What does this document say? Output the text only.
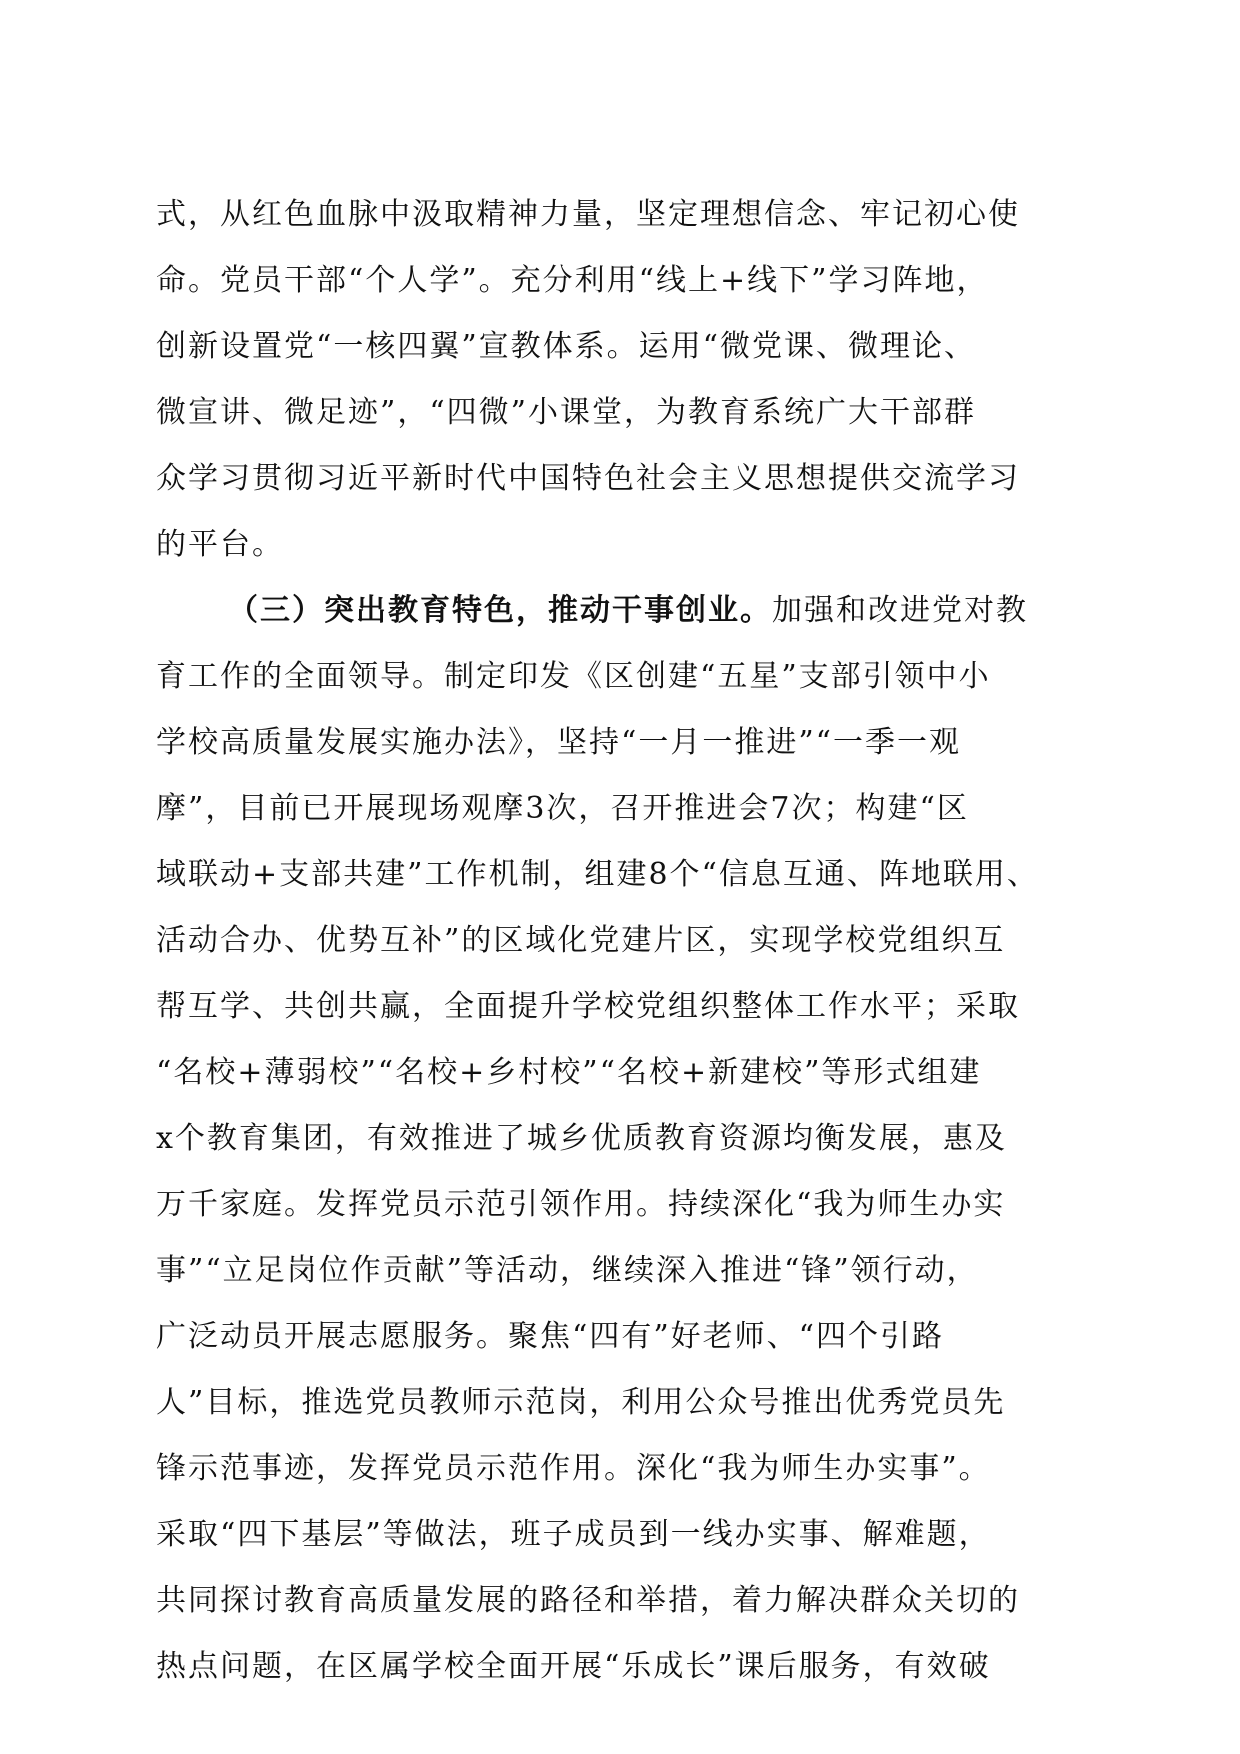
式，从红色血脉中汲取精神力量，坚定理想信念、牢记初心使
命。党员干部“个人学”。充分利用“线上+线下”学习阵地，
创新设置党“一核四翼”宣教体系。运用“微党课、微理论、
微宣讲、微足迹”，“四微”小课堂，为教育系统广大干部群
众学习贯彻习近平新时代中国特色社会主义思想提供交流学习
的平台。
（三）突出教育特色，推动干事创业。加强和改进党对教
育工作的全面领导。制定印发《区创建“五星”支部引领中小
学校高质量发展实施办法》，坚持“一月一推进”“一季一观
摩”，目前已开展现场观摩3次，召开推进会7次；构建“区
域联动+支部共建”工作机制，组建8个“信息互通、阵地联用、
活动合办、优势互补”的区域化党建片区，实现学校党组织互
帮互学、共创共赢，全面提升学校党组织整体工作水平；采取
“名校+薄弱校”“名校+乡村校”“名校+新建校”等形式组建
x个教育集团，有效推进了城乡优质教育资源均衡发展，惠及
万千家庭。发挥党员示范引领作用。持续深化“我为师生办实
事”“立足岗位作贡献”等活动，继续深入推进“锋”领行动，
广泛动员开展志愿服务。聚焦“四有”好老师、“四个引路
人”目标，推选党员教师示范岗，利用公众号推出优秀党员先
锋示范事迹，发挥党员示范作用。深化“我为师生办实事”。
采取“四下基层”等做法，班子成员到一线办实事、解难题，
共同探讨教育高质量发展的路径和举措，着力解决群众关切的
热点问题，在区属学校全面开展“乐成长”课后服务，有效破
